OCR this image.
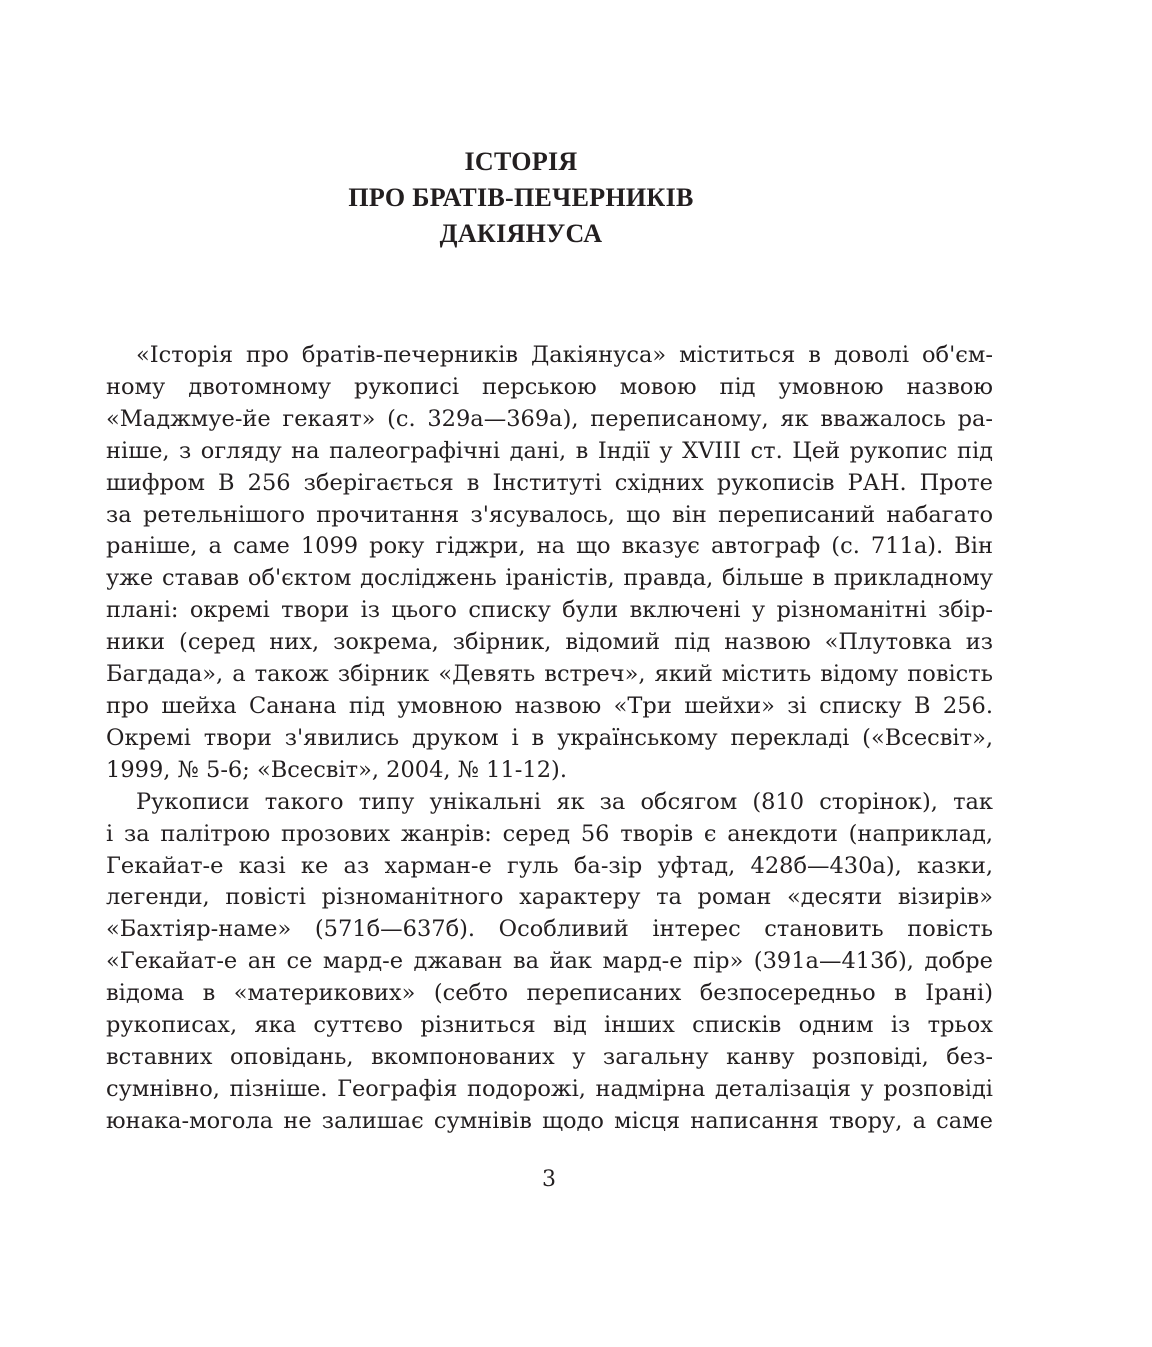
ІСТОРІЯ
ПРО БРАТІВ-ПЕЧЕРНИКІВ
ДАКІЯНУСА

«Історія про братів-печерників Дакіянуса» міститься в доволі об'єм-
ному двотомному рукописі перською мовою під умовною назвою
«Маджмуе-йе гекаят» (с. 329а—369а), переписаному, як вважалось ра-
ніше, з огляду на палеографічні дані, в Індії у XVIII ст. Цей рукопис під
шифром В 256 зберігається в Інституті східних рукописів РАН. Проте
за ретельнішого прочитання з'ясувалось, що він переписаний набагато
раніше, а саме 1099 року гіджри, на що вказує автограф (с. 711а). Він
уже ставав об'єктом досліджень іраністів, правда, більше в прикладному
плані: окремі твори із цього списку були включені у різноманітні збір-
ники (серед них, зокрема, збірник, відомий під назвою «Плутовка из
Багдада», а також збірник «Девять встреч», який містить відому повість
про шейха Санана під умовною назвою «Три шейхи» зі списку В 256.
Окремі твори з'явились друком і в українському перекладі («Всесвіт»,
1999, № 5-6; «Всесвіт», 2004, № 11-12).

Рукописи такого типу унікальні як за обсягом (810 сторінок), так
і за палітрою прозових жанрів: серед 56 творів є анекдоти (наприклад,
Гекайат-е казі ке аз харман-е гуль ба-зір уфтад, 428б—430а), казки,
легенди, повісті різноманітного характеру та роман «десяти візирів»
«Бахтіяр-наме» (571б—637б). Особливий інтерес становить повість
«Гекайат-е ан се мард-е джаван ва йак мард-е пір» (391а—413б), добре
відома в «материкових» (себто переписаних безпосередньо в Ірані)
рукописах, яка суттєво різниться від інших списків одним із трьох
вставних оповідань, вкомпонованих у загальну канву розповіді, без-
сумнівно, пізніше. Географія подорожі, надмірна деталізація у розповіді
юнака-могола не залишає сумнівів щодо місця написання твору, а саме

3
